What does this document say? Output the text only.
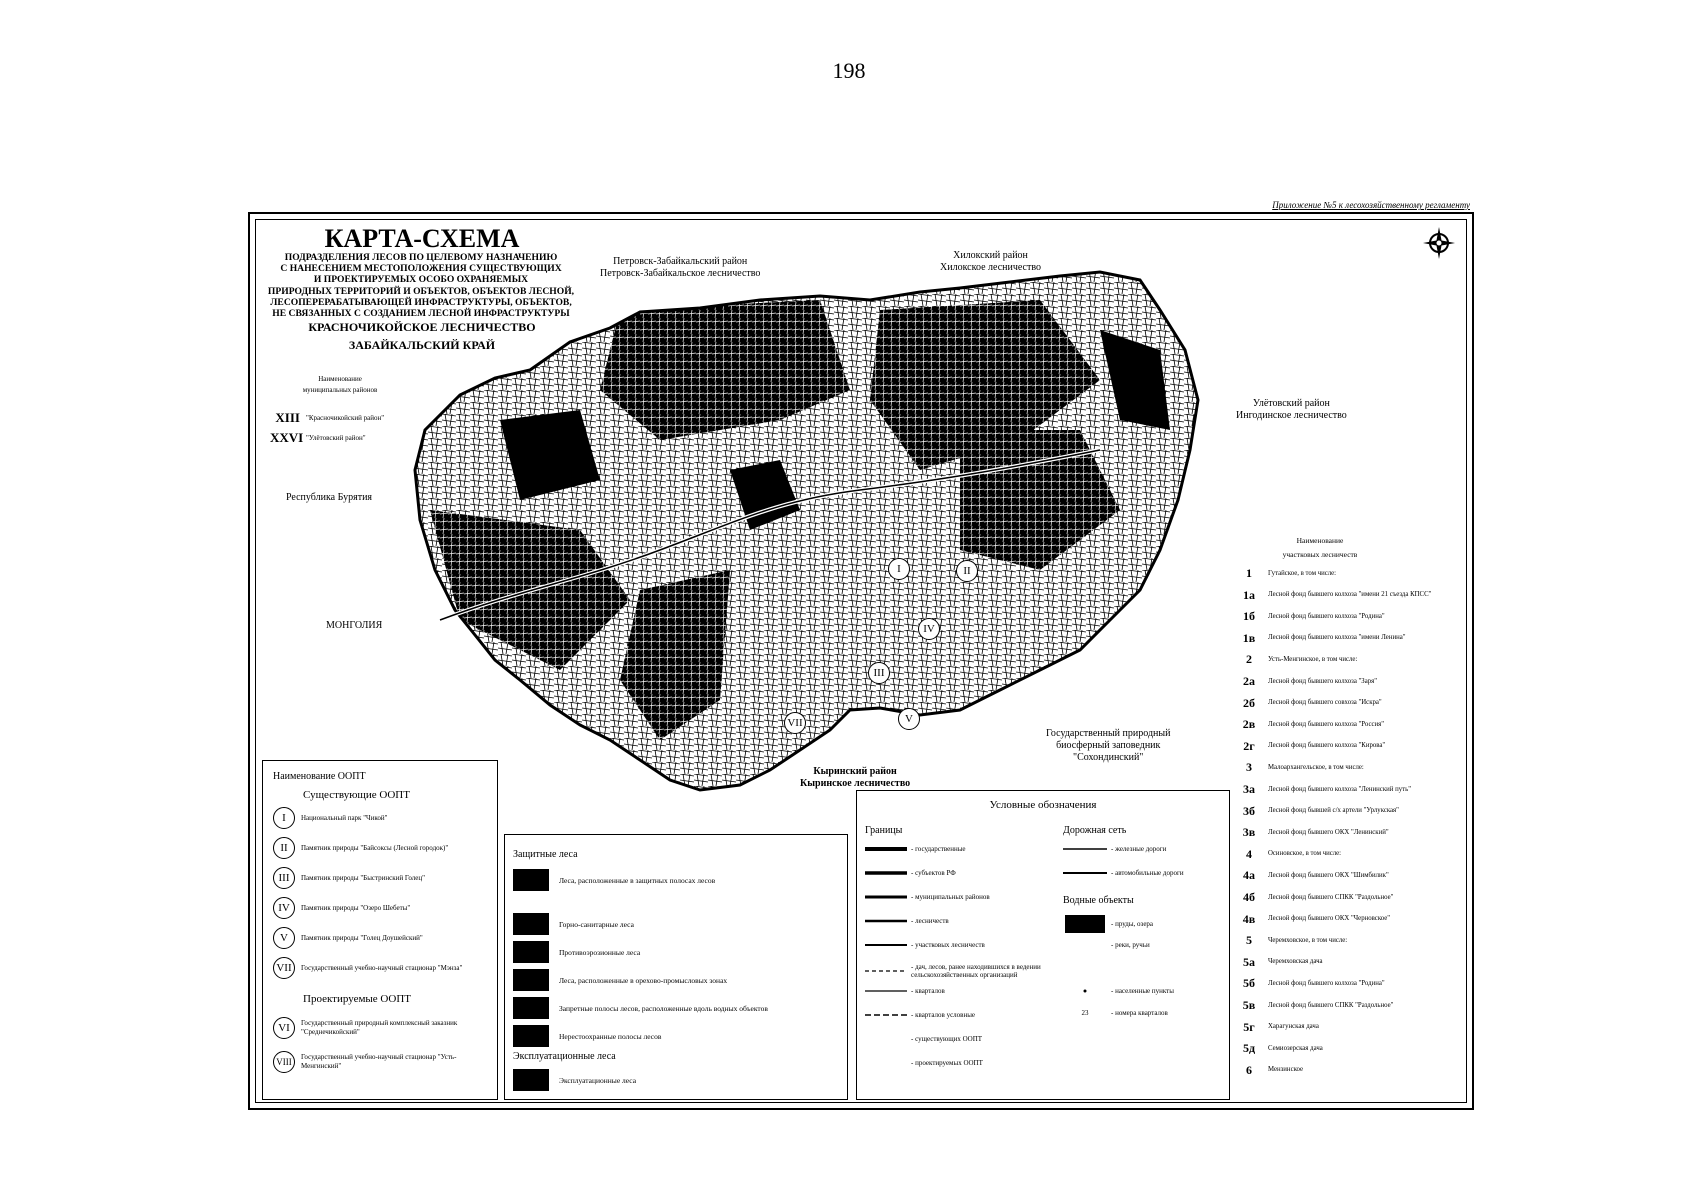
198
Приложение №5 к лесохозяйственному регламенту
КАРТА-СХЕМА
ПОДРАЗДЕЛЕНИЯ ЛЕСОВ ПО ЦЕЛЕВОМУ НАЗНАЧЕНИЮ
С НАНЕСЕНИЕМ МЕСТОПОЛОЖЕНИЯ СУЩЕСТВУЮЩИХ
И ПРОЕКТИРУЕМЫХ ОСОБО ОХРАНЯЕМЫХ
ПРИРОДНЫХ ТЕРРИТОРИЙ И ОБЪЕКТОВ, ОБЪЕКТОВ ЛЕСНОЙ,
ЛЕСОПЕРЕРАБАТЫВАЮЩЕЙ ИНФРАСТРУКТУРЫ, ОБЪЕКТОВ,
НЕ СВЯЗАННЫХ С СОЗДАНИЕМ ЛЕСНОЙ ИНФРАСТРУКТУРЫ
КРАСНОЧИКОЙСКОЕ ЛЕСНИЧЕСТВО
ЗАБАЙКАЛЬСКИЙ КРАЙ
Наименование
муниципальных районов
XIII "Красночикойский район"
XXVI "Улётовский район"
Петровск-Забайкальский район
Петровск-Забайкальское лесничество
Хилокский район
Хилокское лесничество
Улётовский район
Ингодинское лесничество
Республика Бурятия
МОНГОЛИЯ
Кыринский район
Кыринское лесничество
Государственный природный
биосферный заповедник
"Сохондинский"
I
III
VII
II
IV
V
Наименование ООПТ
Существующие ООПТ
I	Национальный парк "Чикой"
II	Памятник природы "Байсоксы (Лесной городок)"
III	Памятник природы "Быстринский Голец"
IV	Памятник природы "Озеро Шебеты"
V	Памятник природы "Голец Доушейский"
VII	Государственный учебно-научный стационар "Мэнза"
Проектируемые ООПТ
VI	Государственный природный комплексный заказник "Среднечикойский"
VIII	Государственный учебно-научный стационар "Усть-Менгинский"
Защитные леса
Леса, расположенные в защитных полосах лесов
Горно-санитарные леса
Противоэрозионные леса
Леса, расположенные в орехово-промысловых зонах
Запретные полосы лесов, расположенные вдоль водных объектов
Нерестоохранные полосы лесов
Эксплуатационные леса
Эксплуатационные леса
Условные обозначения
Границы
- государственные
- субъектов РФ
- муниципальных районов
- лесничеств
- участковых лесничеств
- дач, лесов, ранее находившихся в ведении сельскохозяйственных организаций
- кварталов
- кварталов условные
- существующих ООПТ
- проектируемых ООПТ
Дорожная сеть
- железные дороги
- автомобильные дороги
Водные объекты
- пруды, озера
- реки, ручьи
- населенные пункты
23	- номера кварталов
Наименование
участковых лесничеств
1	Гутайское, в том числе:
1а	Лесной фонд бывшего колхоза "имени 21 съезда КПСС"
1б	Лесной фонд бывшего колхоза "Родина"
1в	Лесной фонд бывшего колхоза "имени Ленина"
2	Усть-Менгинское, в том числе:
2а	Лесной фонд бывшего колхоза "Заря"
2б	Лесной фонд бывшего совхоза "Искра"
2в	Лесной фонд бывшего колхоза "Россия"
2г	Лесной фонд бывшего колхоза "Кирова"
3	Малоархангельское, в том числе:
3а	Лесной фонд бывшего колхоза "Ленинский путь"
3б	Лесной фонд бывшей с/х артели "Урлукская"
3в	Лесной фонд бывшего ОКХ "Ленинский"
4	Осиновское, в том числе:
4а	Лесной фонд бывшего ОКХ "Шимбилик"
4б	Лесной фонд бывшего СПКК "Раздольное"
4в	Лесной фонд бывшего ОКХ "Черновское"
5	Черемховское, в том числе:
5а	Черемховская дача
5б	Лесной фонд бывшего колхоза "Родина"
5в	Лесной фонд бывшего СПКК "Раздольное"
5г	Харагунская дача
5д	Семиозерская дача
6	Мензинское
